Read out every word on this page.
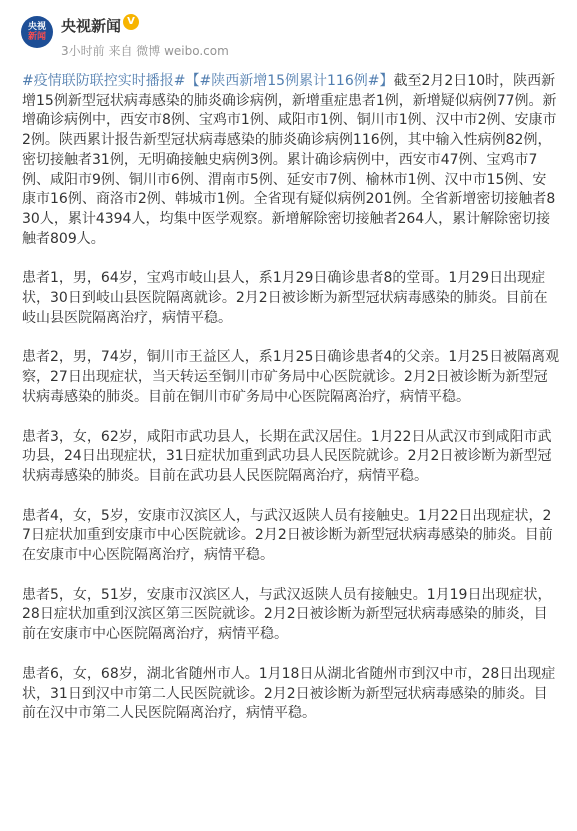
央视
新闻
央视新闻 V
3小时前 来自 微博 weibo.com

#疫情联防联控实时播报#【#陕西新增15例累计116例#】截至2月2日10时，陕西新增15例新型冠状病毒感染的肺炎确诊病例，新增重症患者1例，新增疑似病例77例。新增确诊病例中，西安市8例、宝鸡市1例、咸阳市1例、铜川市1例、汉中市2例、安康市2例。陕西累计报告新型冠状病毒感染的肺炎确诊病例116例，其中输入性病例82例，密切接触者31例，无明确接触史病例3例。累计确诊病例中，西安市47例、宝鸡市7例、咸阳市9例、铜川市6例、渭南市5例、延安市7例、榆林市1例、汉中市15例、安康市16例、商洛市2例、韩城市1例。全省现有疑似病例201例。全省新增密切接触者830人，累计4394人，均集中医学观察。新增解除密切接触者264人，累计解除密切接触者809人。

患者1，男，64岁，宝鸡市岐山县人，系1月29日确诊患者8的堂哥。1月29日出现症状，30日到岐山县医院隔离就诊。2月2日被诊断为新型冠状病毒感染的肺炎。目前在岐山县医院隔离治疗，病情平稳。

患者2，男，74岁，铜川市王益区人，系1月25日确诊患者4的父亲。1月25日被隔离观察，27日出现症状，当天转运至铜川市矿务局中心医院就诊。2月2日被诊断为新型冠状病毒感染的肺炎。目前在铜川市矿务局中心医院隔离治疗，病情平稳。

患者3，女，62岁，咸阳市武功县人，长期在武汉居住。1月22日从武汉市到咸阳市武功县，24日出现症状，31日症状加重到武功县人民医院就诊。2月2日被诊断为新型冠状病毒感染的肺炎。目前在武功县人民医院隔离治疗，病情平稳。

患者4，女，5岁，安康市汉滨区人，与武汉返陕人员有接触史。1月22日出现症状，27日症状加重到安康市中心医院就诊。2月2日被诊断为新型冠状病毒感染的肺炎。目前在安康市中心医院隔离治疗，病情平稳。

患者5，女，51岁，安康市汉滨区人，与武汉返陕人员有接触史。1月19日出现症状，28日症状加重到汉滨区第三医院就诊。2月2日被诊断为新型冠状病毒感染的肺炎，目前在安康市中心医院隔离治疗，病情平稳。

患者6，女，68岁，湖北省随州市人。1月18日从湖北省随州市到汉中市，28日出现症状，31日到汉中市第二人民医院就诊。2月2日被诊断为新型冠状病毒感染的肺炎。目前在汉中市第二人民医院隔离治疗，病情平稳。
